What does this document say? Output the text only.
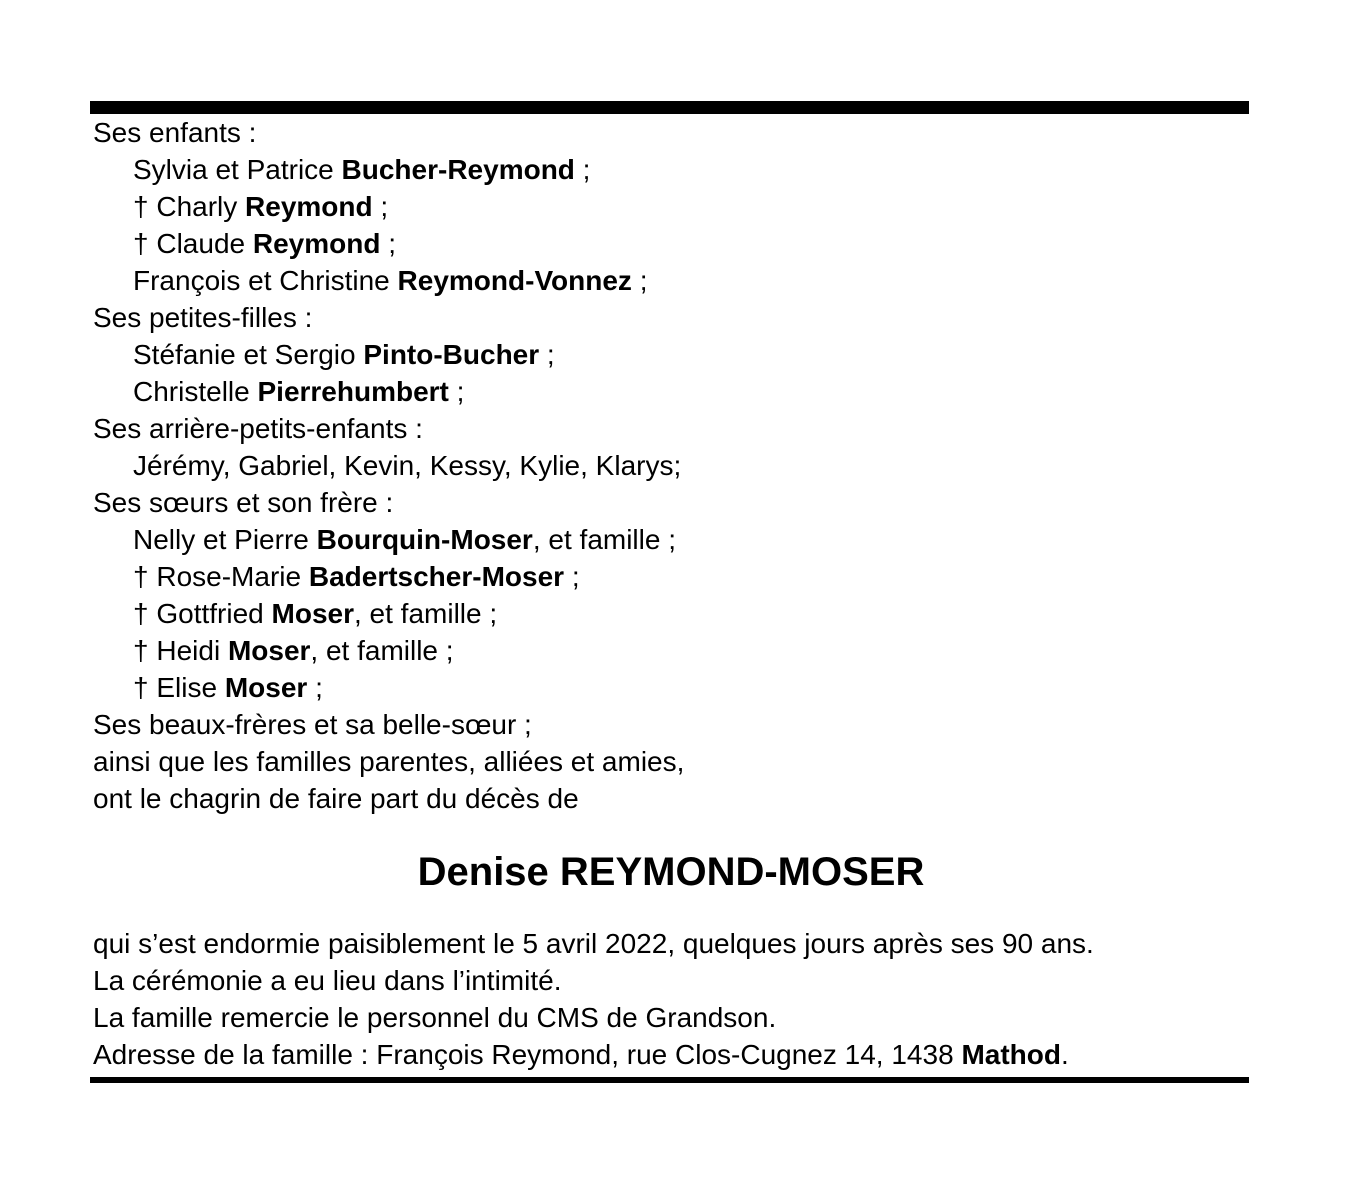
Ses enfants :
Sylvia et Patrice Bucher-Reymond ;
† Charly Reymond ;
† Claude Reymond ;
François et Christine Reymond-Vonnez ;
Ses petites-filles :
Stéfanie et Sergio Pinto-Bucher ;
Christelle Pierrehumbert ;
Ses arrière-petits-enfants :
Jérémy, Gabriel, Kevin, Kessy, Kylie, Klarys;
Ses sœurs et son frère :
Nelly et Pierre Bourquin-Moser, et famille ;
† Rose-Marie Badertscher-Moser ;
† Gottfried Moser, et famille ;
† Heidi Moser, et famille ;
† Elise Moser ;
Ses beaux-frères et sa belle-sœur ;
ainsi que les familles parentes, alliées et amies,
ont le chagrin de faire part du décès de
Denise REYMOND-MOSER
qui s’est endormie paisiblement le 5 avril 2022, quelques jours après ses 90 ans.
La cérémonie a eu lieu dans l’intimité.
La famille remercie le personnel du CMS de Grandson.
Adresse de la famille : François Reymond, rue Clos-Cugnez 14, 1438 Mathod.
